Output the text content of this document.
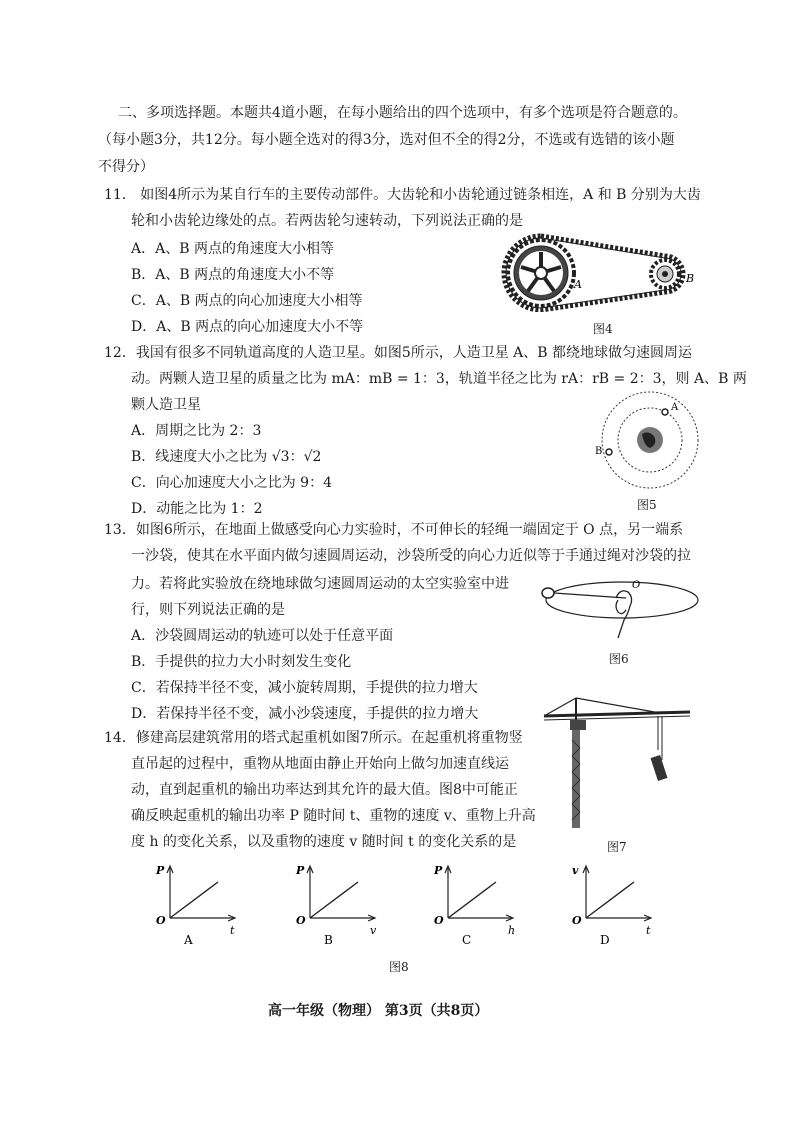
二、多项选择题。本题共4道小题，在每小题给出的四个选项中，有多个选项是符合题意的。
（每小题3分，共12分。每小题全选对的得3分，选对但不全的得2分，不选或有选错的该小题
不得分）
11． 如图4所示为某自行车的主要传动部件。大齿轮和小齿轮通过链条相连，A 和 B 分别为大齿
轮和小齿轮边缘处的点。若两齿轮匀速转动，下列说法正确的是
A．A、B 两点的角速度大小相等
B．A、B 两点的角速度大小不等
C．A、B 两点的向心加速度大小相等
D．A、B 两点的向心加速度大小不等
A	B
图4
12．我国有很多不同轨道高度的人造卫星。如图5所示，人造卫星 A、B 都绕地球做匀速圆周运
动。两颗人造卫星的质量之比为 mA：mB = 1：3，轨道半径之比为 rA：rB = 2：3，则 A、B 两
颗人造卫星
A．周期之比为 2：3
B．线速度大小之比为 √3：√2
C．向心加速度大小之比为 9：4
D．动能之比为 1：2
A
B
图5
13．如图6所示，在地面上做感受向心力实验时，不可伸长的轻绳一端固定于 O 点，另一端系
一沙袋，使其在水平面内做匀速圆周运动，沙袋所受的向心力近似等于手通过绳对沙袋的拉
力。若将此实验放在绕地球做匀速圆周运动的太空实验室中进
行，则下列说法正确的是
A．沙袋圆周运动的轨迹可以处于任意平面
B．手提供的拉力大小时刻发生变化
C．若保持半径不变，减小旋转周期，手提供的拉力增大
D．若保持半径不变，减小沙袋速度，手提供的拉力增大
O
图6
14．修建高层建筑常用的塔式起重机如图7所示。在起重机将重物竖
直吊起的过程中，重物从地面由静止开始向上做匀加速直线运
动，直到起重机的输出功率达到其允许的最大值。图8中可能正
确反映起重机的输出功率 P 随时间 t、重物的速度 v、重物上升高
度 h 的变化关系，以及重物的速度 v 随时间 t 的变化关系的是	图7
P
O
t
A
P
O
v
B
P
O
h
C
v
O
t
D
图8
高一年级（物理） 第3页（共8页）
